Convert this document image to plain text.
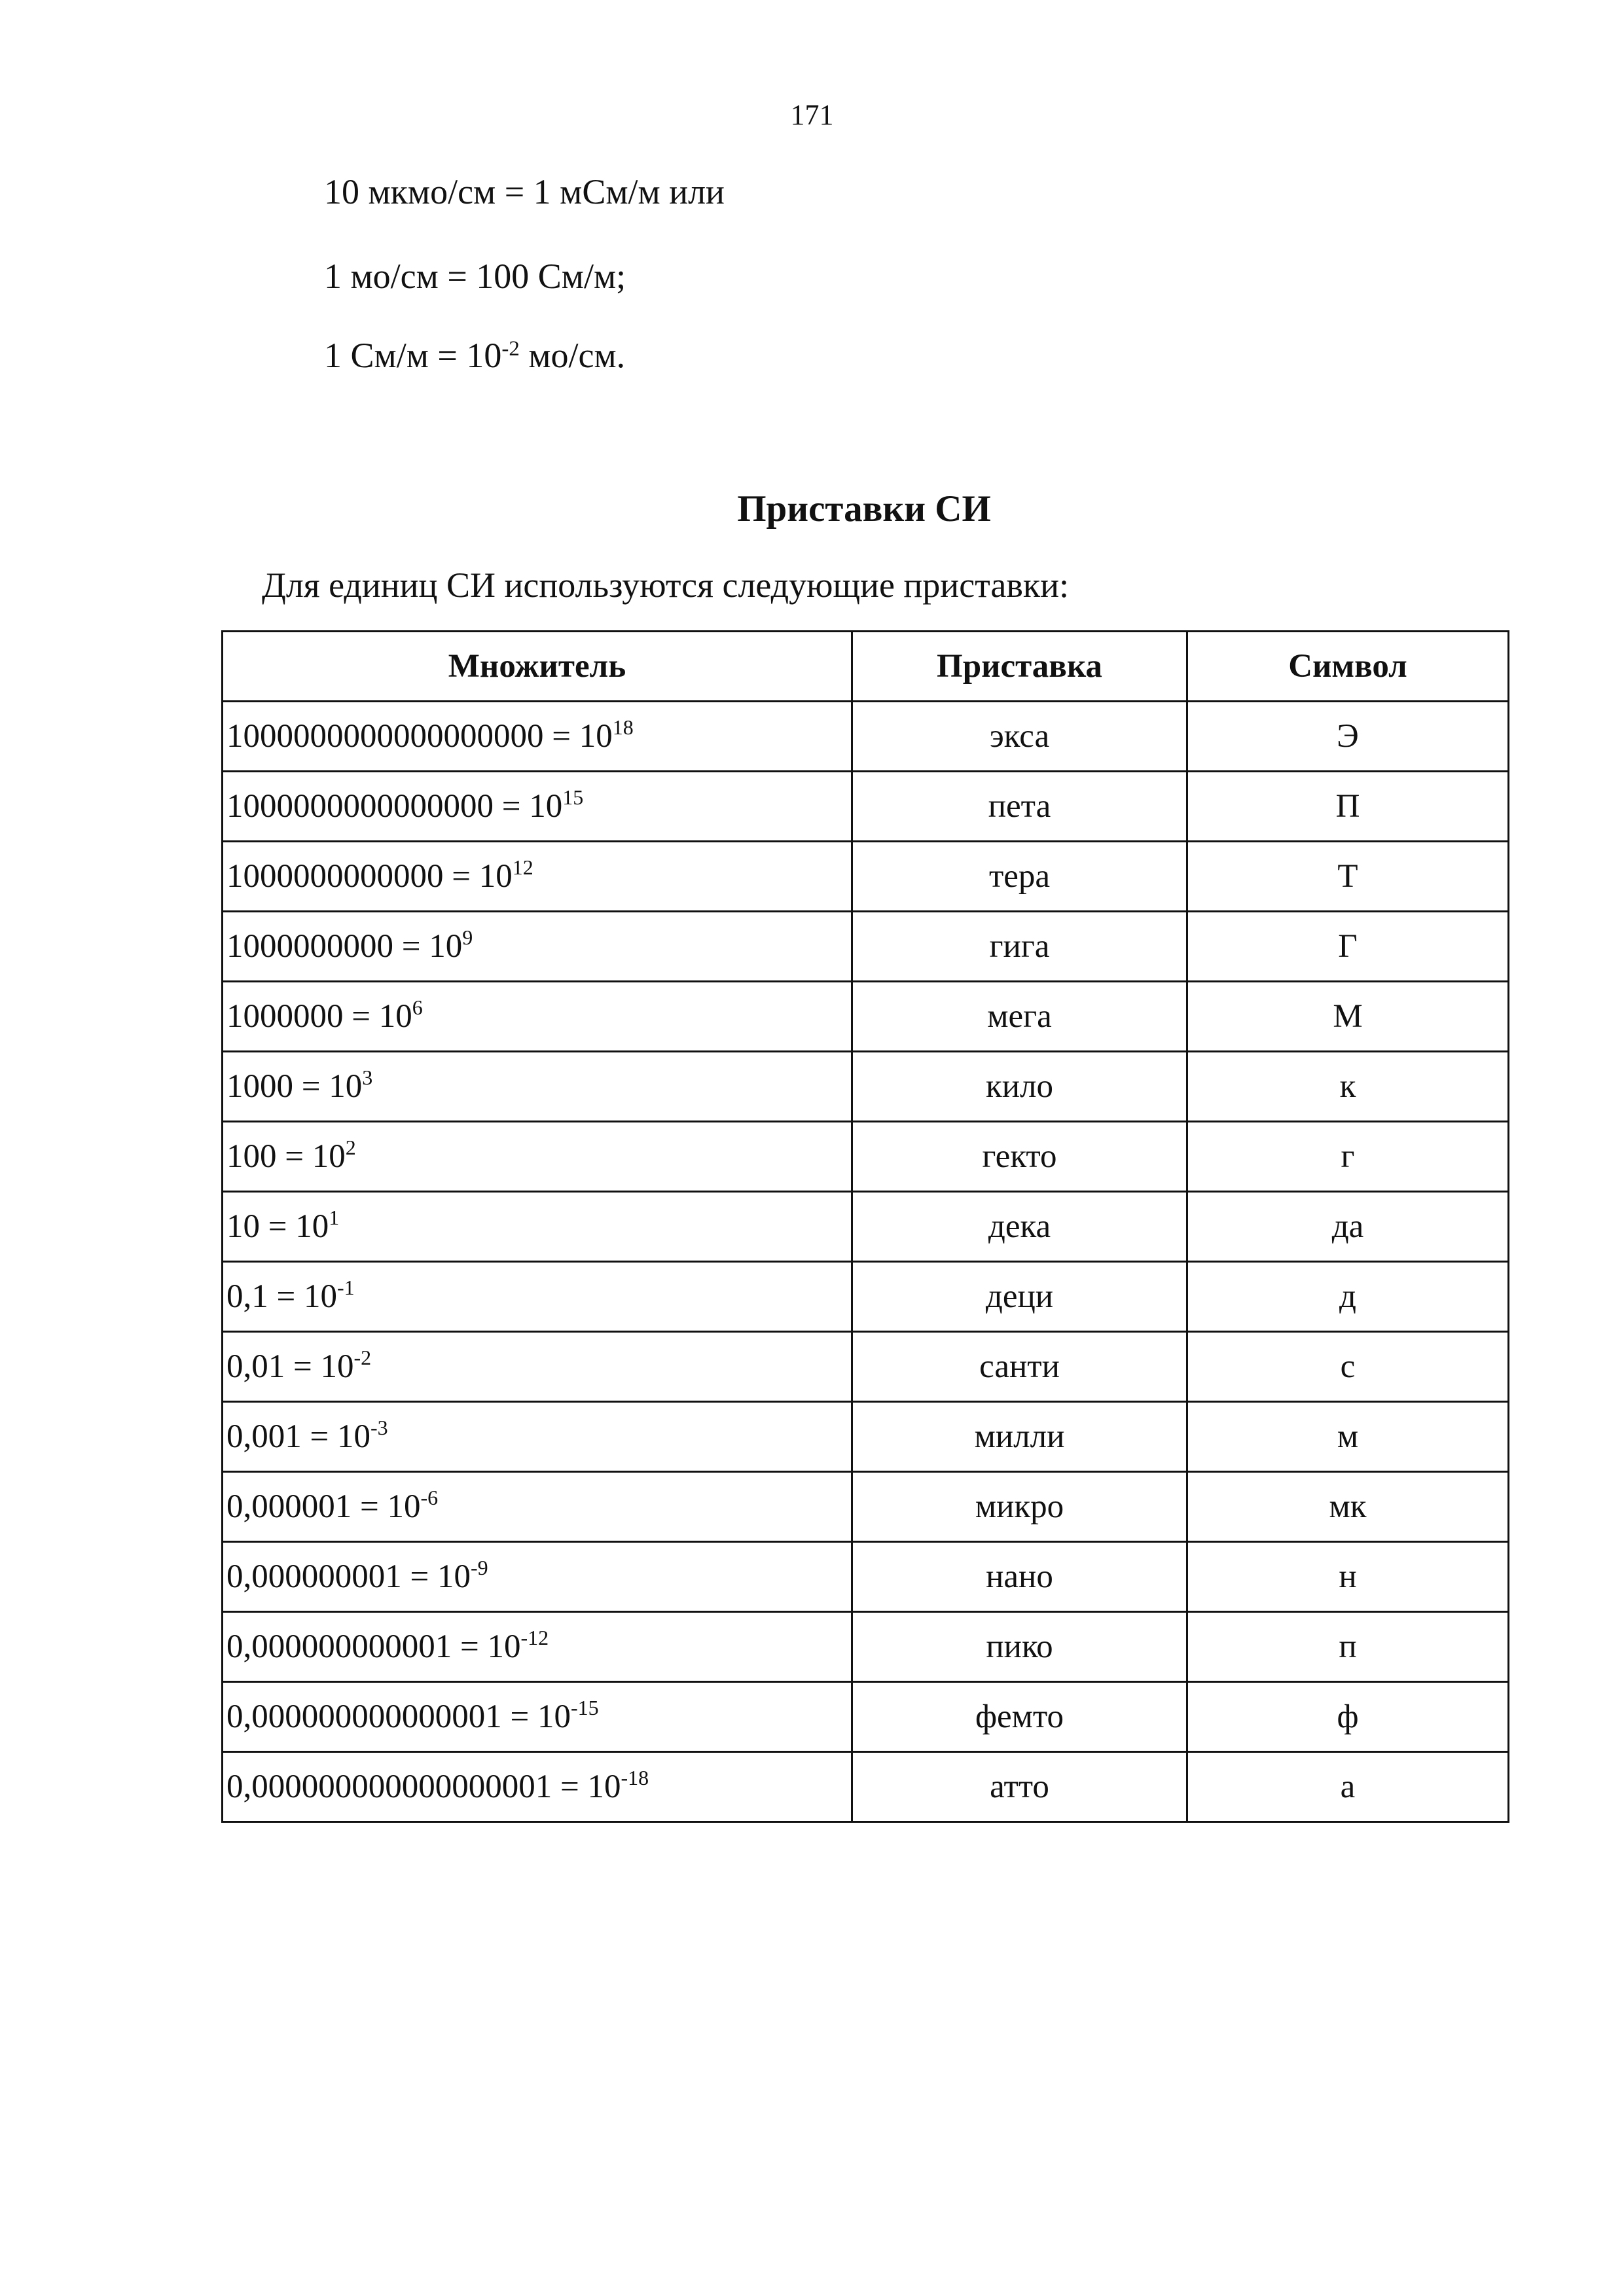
171
10 мкмо/см = 1 мСм/м или
1 мо/см = 100 См/м;
1 $См/м = 10^{-2}$ мо/см.
Приставки СИ
Для единиц СИ используются следующие приставки:
Множитель	Приставка	Символ
$1000000000000000000 = 10^{18}$	экса	Э
$1000000000000000 = 10^{15}$	пета	П
$1000000000000 = 10^{12}$	тера	Т
$1000000000 = 10^9$	гига	Г
$1000000 = 10^6$	мега	М
$1000 = 10^3$	кило	к
$100 = 10^2$	гекто	г
$10 = 10^1$	дека	да
$0,1 = 10^{-1}$	деци	д
$0,01 = 10^{-2}$	санти	с
$0,001 = 10^{-3}$	милли	м
$0,000001 = 10^{-6}$	микро	мк
$0,000000001 = 10^{-9}$	нано	н
$0,000000000001 = 10^{-12}$	пико	п
$0,000000000000001 = 10^{-15}$	фемто	ф
$0,000000000000000001 = 10^{-18}$	атто	а
